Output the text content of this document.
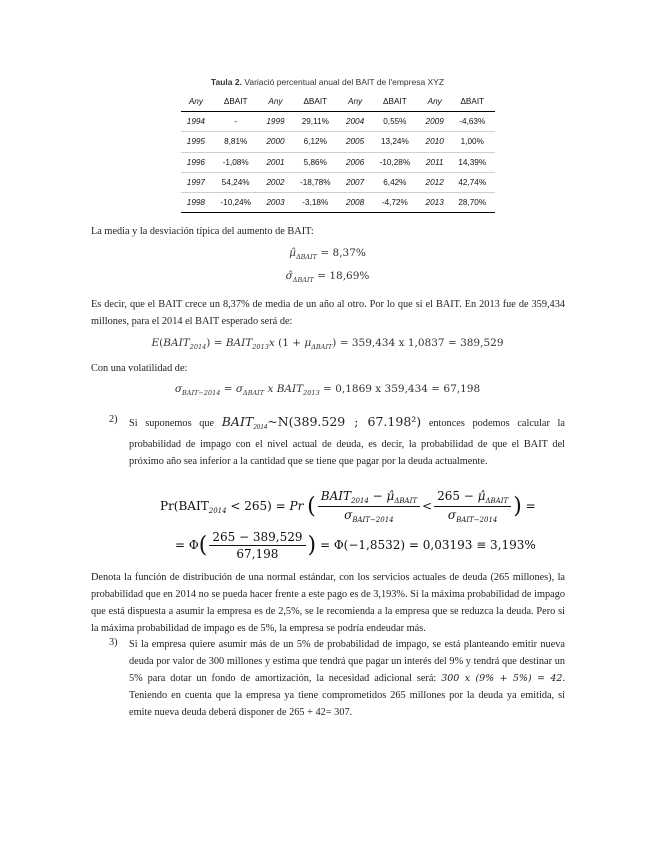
Taula 2. Variació percentual anual del BAIT de l'empresa XYZ
Any	ΔBAIT	Any	ΔBAIT	Any	ΔBAIT	Any	ΔBAIT
1994	-	1999	29,11%	2004	0,55%	2009	-4,63%
1995	8,81%	2000	6,12%	2005	13,24%	2010	1,00%
1996	-1,08%	2001	5,86%	2006	-10,28%	2011	14,39%
1997	54,24%	2002	-18,78%	2007	6,42%	2012	42,74%
1998	-10,24%	2003	-3,18%	2008	-4,72%	2013	28,70%
La media y la desviación típica del aumento de BAIT:
$\mû_{\Delta BAIT} = 8,37\%$
$\sigmâ_{\Delta BAIT} = 18,69\%$
Es decir, que el BAIT crece un 8,37% de media de un año al otro. Por lo que si el BAIT. En 2013 fue de 359,434 millones, para el 2014 el BAIT esperado será de:
$E(BAIT_{2014})$ = $BAIT_{2013}x$ $(1 + \mu_{\Delta BAIT}) = 359,434$ x 1,0837 = 389,529
Con una volatilidad de:
$\sigma_{BAIT-2014} = \sigma_{\Delta BAIT}$ x $BAIT_{2013} = 0,1869$ x 359,434 = 67,198
2) Si suponemos que $BAIT_{2014}\sim N(389.529$ ; 67.198²) entonces podemos calcular la probabilidad de impago con el nivel actual de deuda, es decir, la probabilidad de que el BAIT del próximo año sea inferior a la cantidad que se tiene que pagar por la deuda actualmente.
$Pr(BAIT_{2014} < 265) = Pr$ ( $\frac{BAIT_{2014} - \mû_{\Delta BAIT}}{\sigma_{BAIT-2014}} < \frac{265 - \mû_{\Delta BAIT}}{\sigma_{BAIT-2014}}$ ) =
= $\Phi( \frac{265 - 389,529}{67,198}$ ) = Φ(−1,8532) = 0,03193 ≡ 3,193%
Denota la función de distribución de una normal estándar, con los servicios actuales de deuda (265 millones), la probabilidad que en 2014 no se pueda hacer frente a este pago es de 3,193%. Si la máxima probabilidad de impago que está dispuesta a asumir la empresa es de 2,5%, se le recomienda a la empresa que se reduzca la deuda. Pero si la máxima probabilidad de impago es de 5%, la empresa se podría endeudar más.
3) Si la empresa quiere asumir más de un 5% de probabilidad de impago, se está planteando emitir nueva deuda por valor de 300 millones y estima que tendrá que pagar un interés del 9% y tendrá que destinar un 5% para dotar un fondo de amortización, la necesidad adicional será: 300 x (9% + 5%) = 42. Teniendo en cuenta que la empresa ya tiene comprometidos 265 millones por la deuda ya emitida, si emite nueva deuda deberá disponer de 265 + 42= 307.
